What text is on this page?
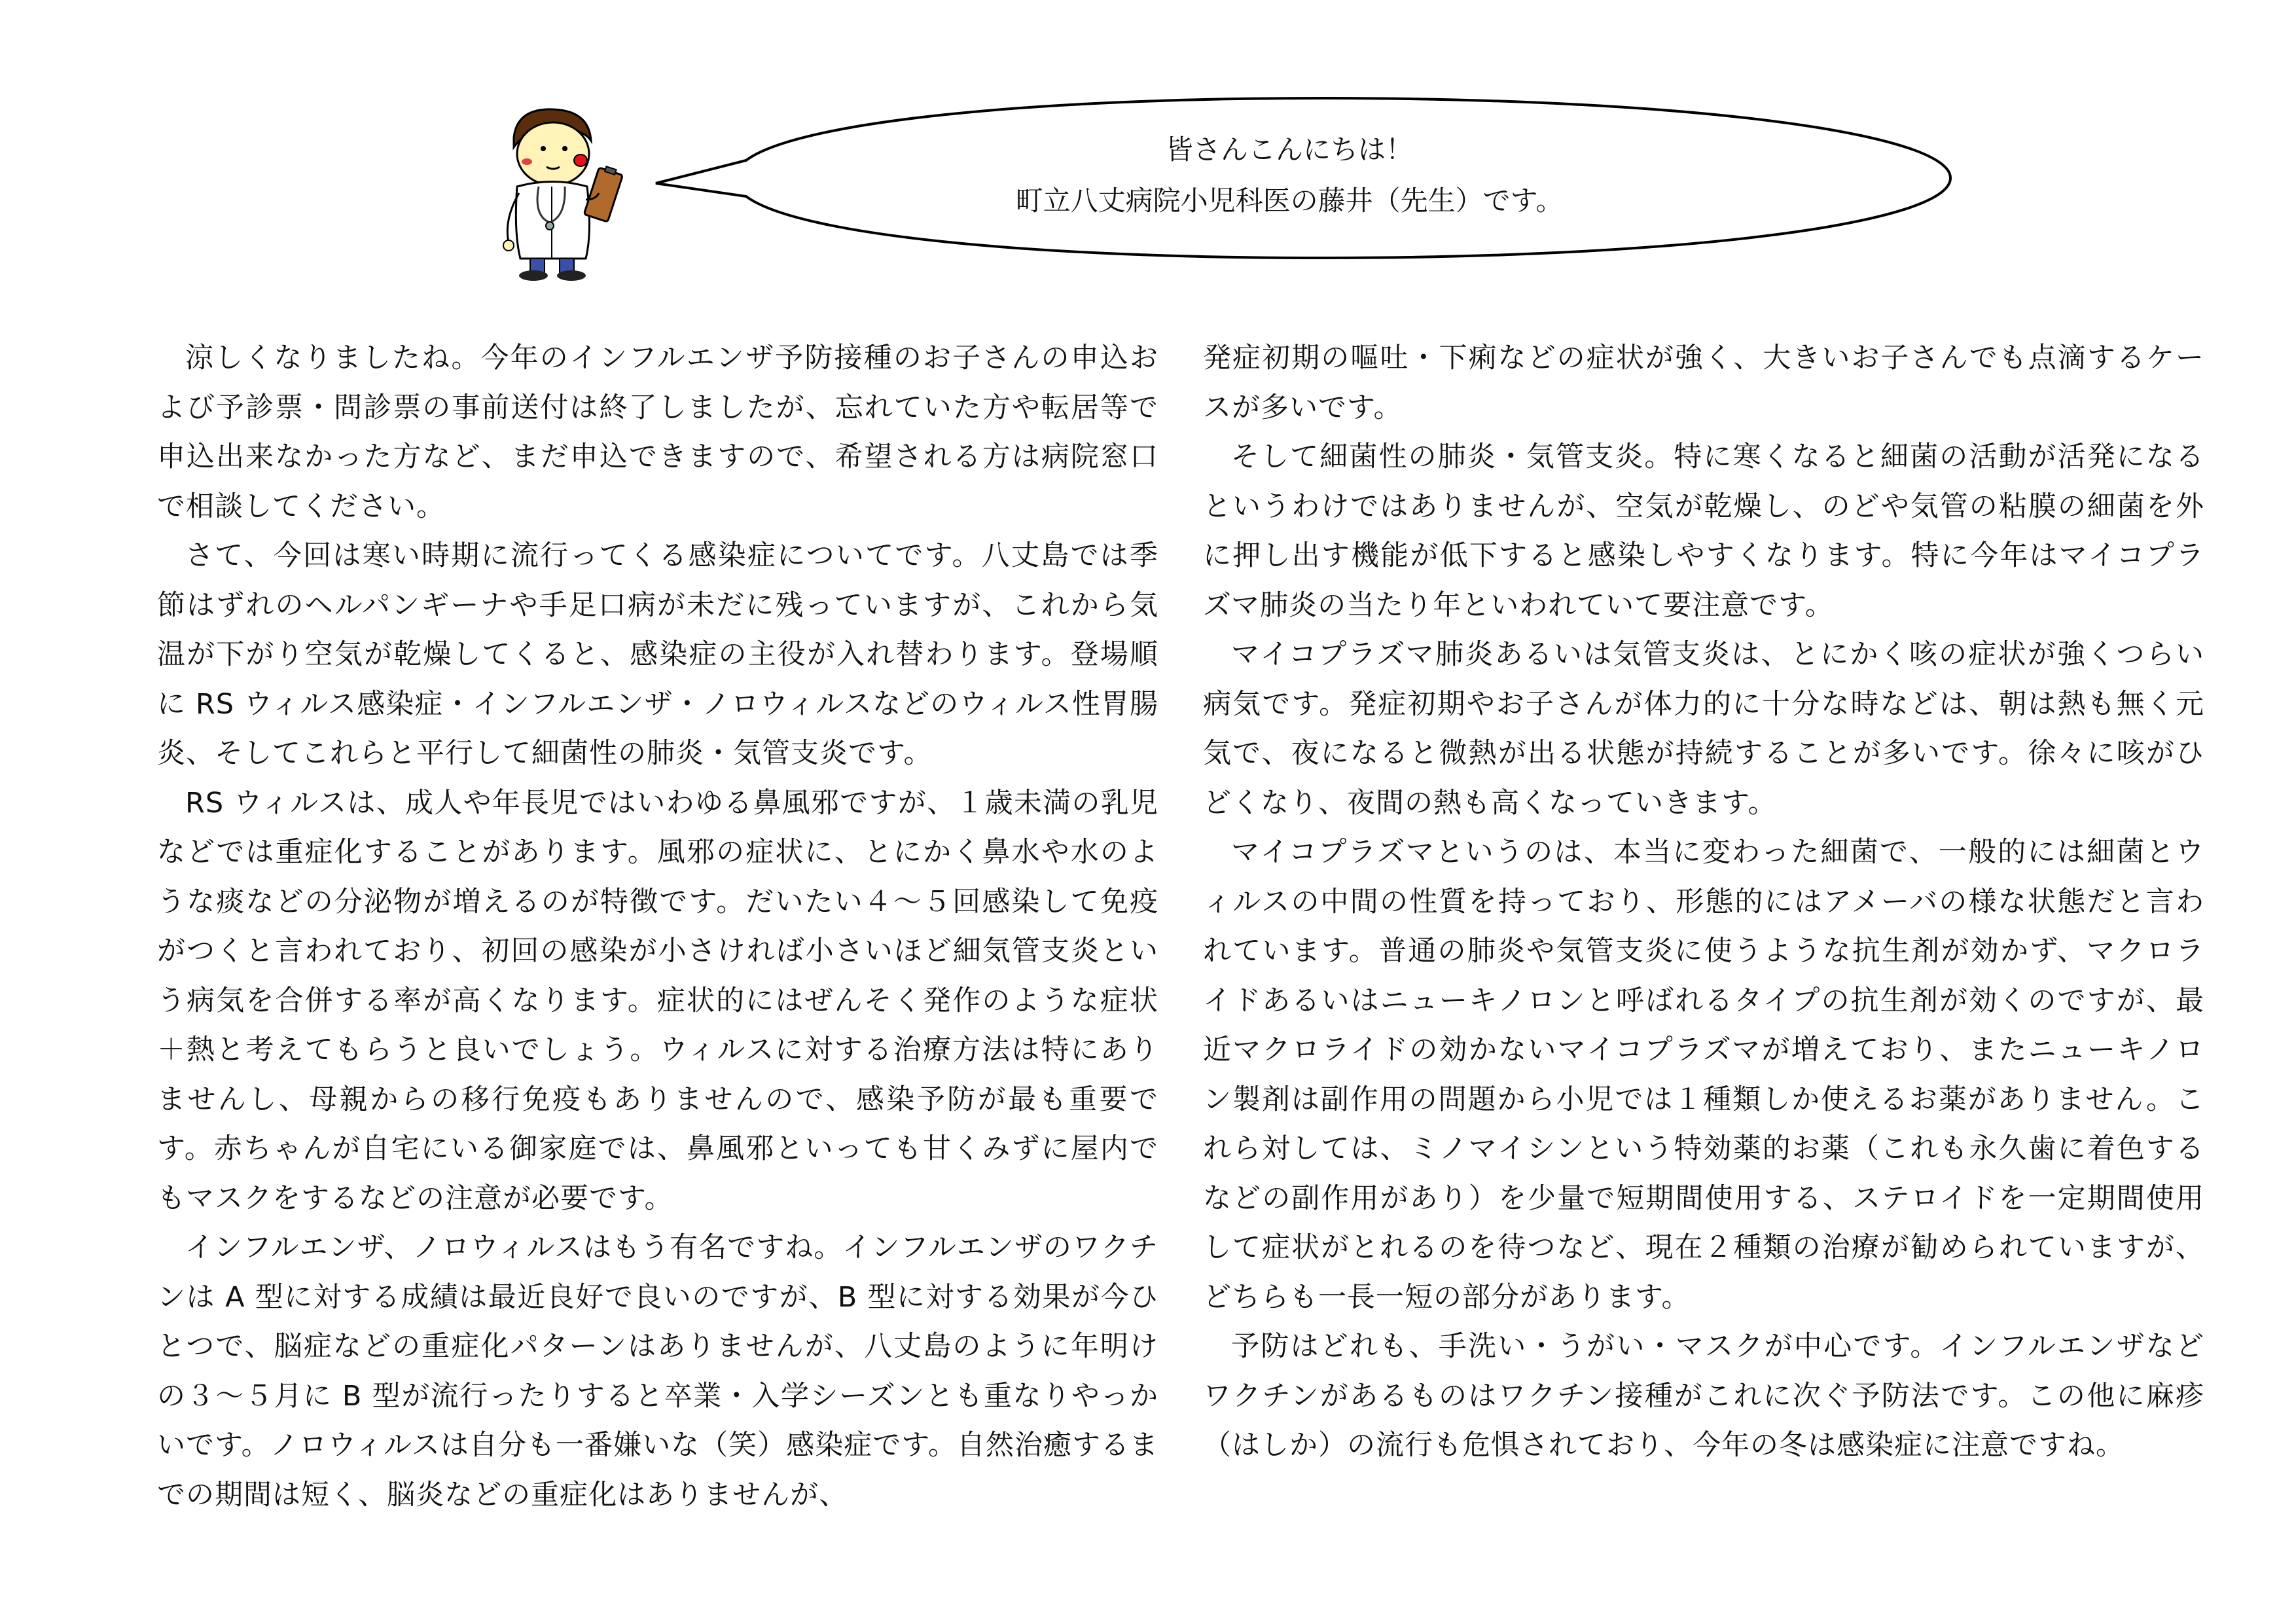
皆さんこんにちは！
町立八丈病院小児科医の藤井（先生）です。

涼しくなりましたね。今年のインフルエンザ予防接種のお子さんの申込および予診票・問診票の事前送付は終了しましたが、忘れていた方や転居等で申込出来なかった方など、まだ申込できますので、希望される方は病院窓口で相談してください。

さて、今回は寒い時期に流行ってくる感染症についてです。八丈島では季節はずれのヘルパンギーナや手足口病が未だに残っていますが、これから気温が下がり空気が乾燥してくると、感染症の主役が入れ替わります。登場順に RS ウィルス感染症・インフルエンザ・ノロウィルスなどのウィルス性胃腸炎、そしてこれらと平行して細菌性の肺炎・気管支炎です。

RS ウィルスは、成人や年長児ではいわゆる鼻風邪ですが、１歳未満の乳児などでは重症化することがあります。風邪の症状に、とにかく鼻水や水のような痰などの分泌物が増えるのが特徴です。だいたい４〜５回感染して免疫がつくと言われており、初回の感染が小さければ小さいほど細気管支炎という病気を合併する率が高くなります。症状的にはぜんそく発作のような症状＋熱と考えてもらうと良いでしょう。ウィルスに対する治療方法は特にありませんし、母親からの移行免疫もありませんので、感染予防が最も重要です。赤ちゃんが自宅にいる御家庭では、鼻風邪といっても甘くみずに屋内でもマスクをするなどの注意が必要です。

インフルエンザ、ノロウィルスはもう有名ですね。インフルエンザのワクチンは A 型に対する成績は最近良好で良いのですが、B 型に対する効果が今ひとつで、脳症などの重症化パターンはありませんが、八丈島のように年明けの３〜５月に B 型が流行ったりすると卒業・入学シーズンとも重なりやっかいです。ノロウィルスは自分も一番嫌いな（笑）感染症です。自然治癒するまでの期間は短く、脳炎などの重症化はありませんが、

発症初期の嘔吐・下痢などの症状が強く、大きいお子さんでも点滴するケースが多いです。

そして細菌性の肺炎・気管支炎。特に寒くなると細菌の活動が活発になるというわけではありませんが、空気が乾燥し、のどや気管の粘膜の細菌を外に押し出す機能が低下すると感染しやすくなります。特に今年はマイコプラズマ肺炎の当たり年といわれていて要注意です。

マイコプラズマ肺炎あるいは気管支炎は、とにかく咳の症状が強くつらい病気です。発症初期やお子さんが体力的に十分な時などは、朝は熱も無く元気で、夜になると微熱が出る状態が持続することが多いです。徐々に咳がひどくなり、夜間の熱も高くなっていきます。

マイコプラズマというのは、本当に変わった細菌で、一般的には細菌とウィルスの中間の性質を持っており、形態的にはアメーバの様な状態だと言われています。普通の肺炎や気管支炎に使うような抗生剤が効かず、マクロライドあるいはニューキノロンと呼ばれるタイプの抗生剤が効くのですが、最近マクロライドの効かないマイコプラズマが増えており、またニューキノロン製剤は副作用の問題から小児では１種類しか使えるお薬がありません。これら対しては、ミノマイシンという特効薬的お薬（これも永久歯に着色するなどの副作用があり）を少量で短期間使用する、ステロイドを一定期間使用して症状がとれるのを待つなど、現在２種類の治療が勧められていますが、どちらも一長一短の部分があります。

予防はどれも、手洗い・うがい・マスクが中心です。インフルエンザなどワクチンがあるものはワクチン接種がこれに次ぐ予防法です。この他に麻疹（はしか）の流行も危惧されており、今年の冬は感染症に注意ですね。
